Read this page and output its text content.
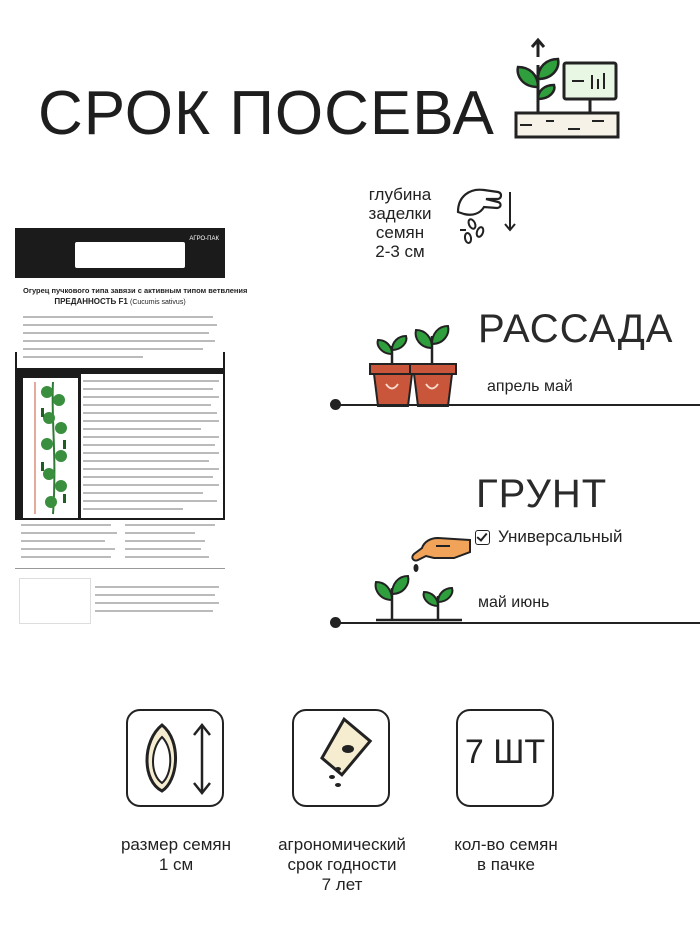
СРОК ПОСЕВА
глубина
заделки
семян
2-3 см
АГРО-ПАК
Огурец пучкового типа завязи с активным типом ветвления
ПРЕДАННОСТЬ F1 (Cucumis sativus)
РАССАДА
апрель май
ГРУНТ
Универсальный
май июнь
7 ШТ
размер семян
1 см
агрономический
срок годности
7 лет
кол-во семян
в пачке
